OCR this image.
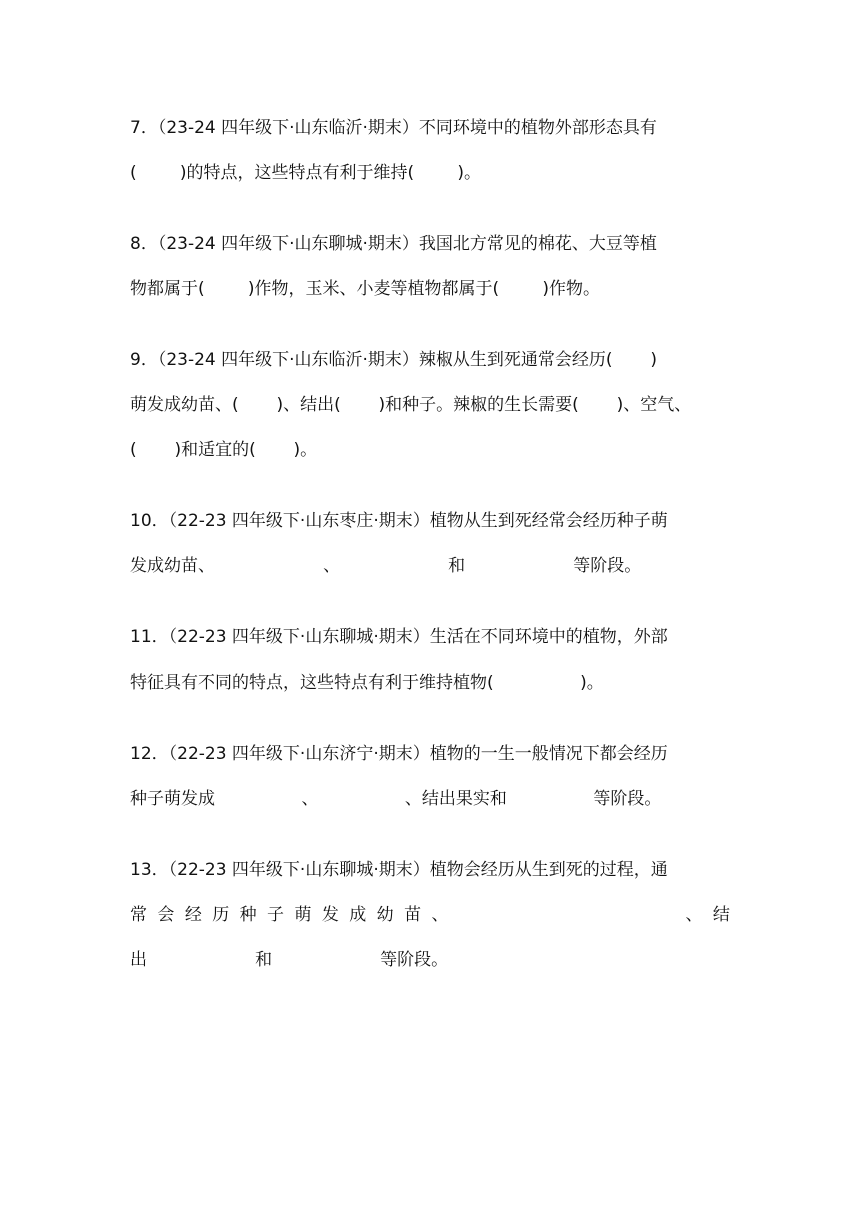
7．（23-24 四年级下·山东临沂·期末）不同环境中的植物外部形态具有
(        )的特点，这些特点有利于维持(        )。
8．（23-24 四年级下·山东聊城·期末）我国北方常见的棉花、大豆等植
物都属于(        )作物，玉米、小麦等植物都属于(        )作物。
9．（23-24 四年级下·山东临沂·期末）辣椒从生到死通常会经历(       )
萌发成幼苗、(       )、结出(       )和种子。辣椒的生长需要(       )、空气、
(       )和适宜的(       )。
10．（22-23 四年级下·山东枣庄·期末）植物从生到死经常会经历种子萌
发成幼苗、                    、                    和                    等阶段。
11．（22-23 四年级下·山东聊城·期末）生活在不同环境中的植物，外部
特征具有不同的特点，这些特点有利于维持植物(                )。
12．（22-23 四年级下·山东济宁·期末）植物的一生一般情况下都会经历
种子萌发成                、                、结出果实和                等阶段。
13．（22-23 四年级下·山东聊城·期末）植物会经历从生到死的过程，通
常 会 经 历 种 子 萌 发 成 幼 苗 、
	、 结
出                    和                    等阶段。
